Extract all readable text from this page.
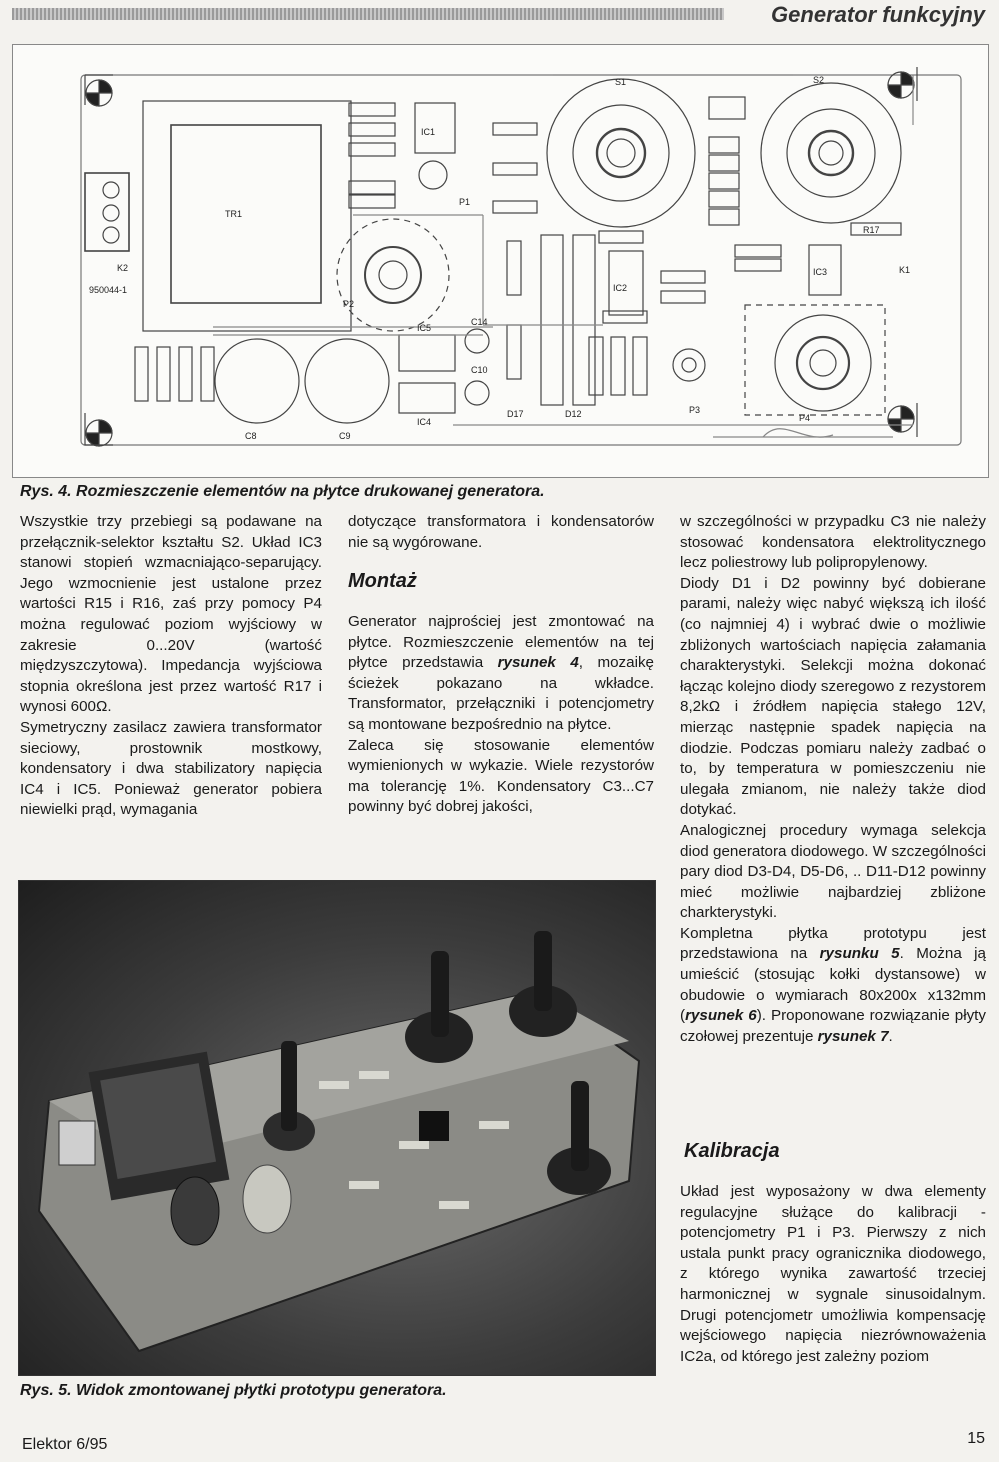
Generator funkcyjny
TR1
K2
950044-1
S1	S2
P1
P2
P3
P4
IC1
IC2
IC3
IC4
IC5
C8	C9
C10
C14
K1
R17
D17	D12
Rys. 4. Rozmieszczenie elementów na płytce drukowanej generatora.

Wszystkie trzy przebiegi są podawane na przełącznik-selektor kształtu S2. Układ IC3 stanowi stopień wzmacniająco-separujący. Jego wzmocnienie jest ustalone przez wartości R15 i R16, zaś przy pomocy P4 można regulować poziom wyjściowy w zakresie 0...20V (wartość międzyszczytowa). Impedancja wyjściowa stopnia określona jest przez wartość R17 i wynosi 600Ω.

Symetryczny zasilacz zawiera transformator sieciowy, prostownik mostkowy, kondensatory i dwa stabilizatory napięcia IC4 i IC5. Ponieważ generator pobiera niewielki prąd, wymagania

dotyczące transformatora i kondensatorów nie są wygórowane.

Montaż

Generator najprościej jest zmontować na płytce. Rozmieszczenie elementów na tej płytce przedstawia rysunek 4, mozaikę ścieżek pokazano na wkładce. Transformator, przełączniki i potencjometry są montowane bezpośrednio na płytce.

Zaleca się stosowanie elementów wymienionych w wykazie. Wiele rezystorów ma tolerancję 1%. Kondensatory C3...C7 powinny być dobrej jakości,

w szczególności w przypadku C3 nie należy stosować kondensatora elektrolitycznego lecz poliestrowy lub polipropylenowy.

Diody D1 i D2 powinny być dobierane parami, należy więc nabyć większą ich ilość (co najmniej 4) i wybrać dwie o możliwie zbliżonych wartościach napięcia załamania charakterystyki. Selekcji można dokonać łącząc kolejno diody szeregowo z rezystorem 8,2kΩ i źródłem napięcia stałego 12V, mierząc następnie spadek napięcia na diodzie. Podczas pomiaru należy zadbać o to, by temperatura w pomieszczeniu nie ulegała zmianom, nie należy także diod dotykać.

Analogicznej procedury wymaga selekcja diod generatora diodowego. W szczególności pary diod D3-D4, D5-D6, .. D11-D12 powinny mieć możliwie najbardziej zbliżone charkterystyki.

Kompletna płytka prototypu jest przedstawiona na rysunku 5. Można ją umieścić (stosując kołki dystansowe) w obudowie o wymiarach 80x200x x132mm (rysunek 6). Proponowane rozwiązanie płyty czołowej prezentuje rysunek 7.

Kalibracja

Układ jest wyposażony w dwa elementy regulacyjne służące do kalibracji - potencjometry P1 i P3. Pierwszy z nich ustala punkt pracy ogranicznika diodowego, z którego wynika zawartość trzeciej harmonicznej w sygnale sinusoidalnym. Drugi potencjometr umożliwia kompensację wejściowego napięcia niezrównoważenia IC2a, od którego jest zależny poziom

Rys. 5. Widok zmontowanej płytki prototypu generatora.
Elektor 6/95	15
